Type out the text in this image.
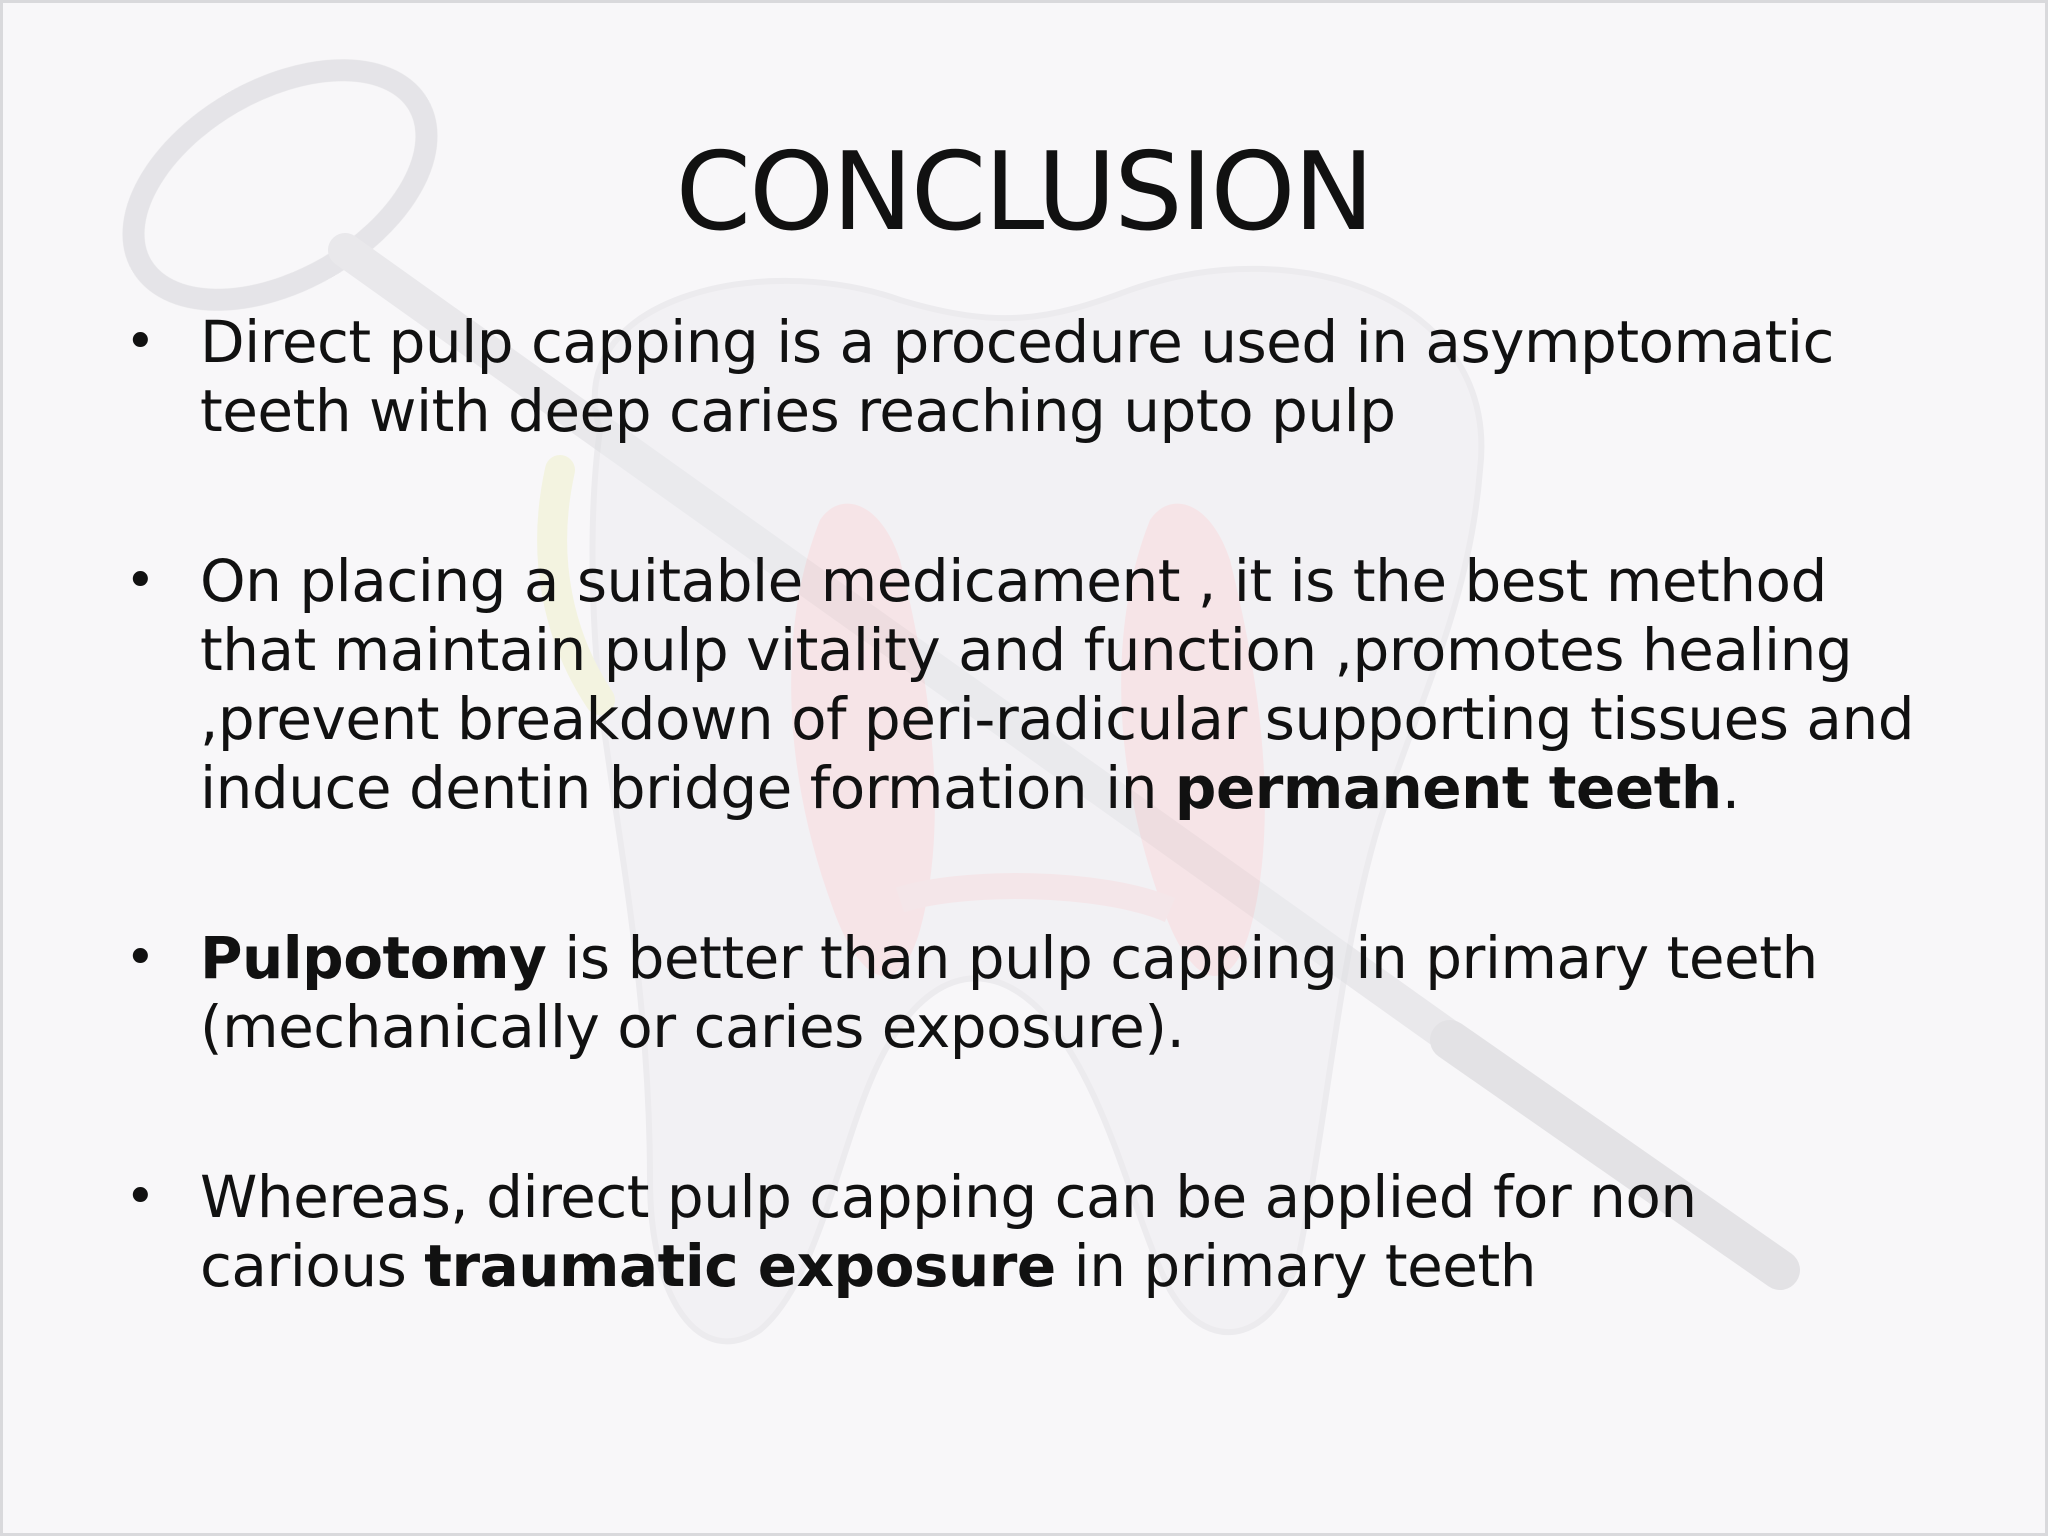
CONCLUSION
• Direct pulp capping is a procedure used in asymptomatic teeth with deep caries reaching upto pulp
• On placing a suitable medicament , it is the best method that maintain pulp vitality and function ,promotes healing ,prevent breakdown of peri-radicular supporting tissues and induce dentin bridge formation in permanent teeth.
• Pulpotomy is better than pulp capping in primary teeth (mechanically or caries exposure).
• Whereas, direct pulp capping can be applied for non carious traumatic exposure in primary teeth
